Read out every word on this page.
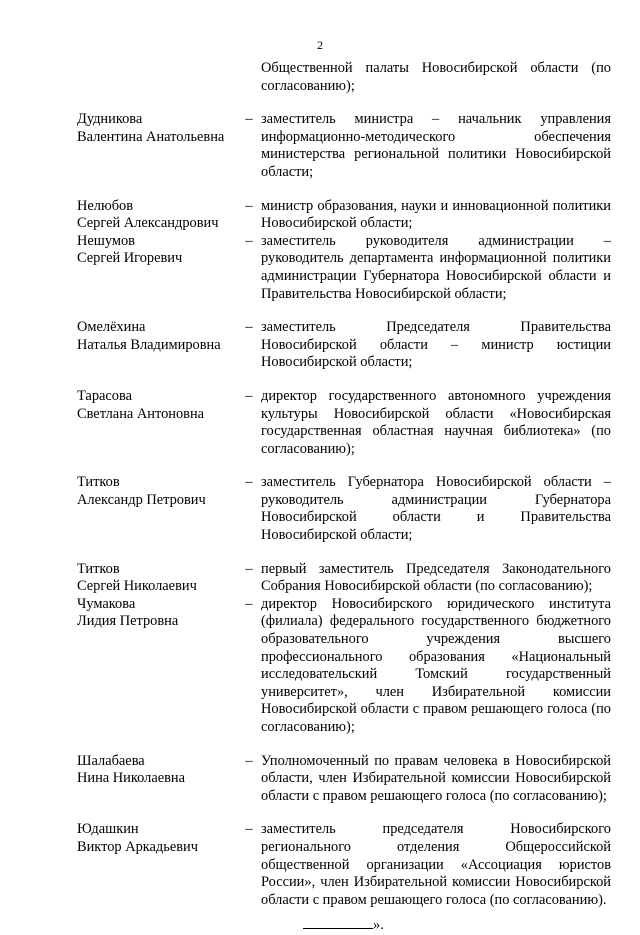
2
Общественной палаты Новосибирской области (по согласованию);
Дудникова
Валентина Анатольевна
– заместитель министра – начальник управления информационно-методического обеспечения министерства региональной политики Новосибирской области;
Нелюбов
Сергей Александрович
– министр образования, науки и инновационной политики Новосибирской области;
Нешумов
Сергей Игоревич
– заместитель руководителя администрации – руководитель департамента информационной политики администрации Губернатора Новосибирской области и Правительства Новосибирской области;
Омелёхина
Наталья Владимировна
– заместитель Председателя Правительства Новосибирской области – министр юстиции Новосибирской области;
Тарасова
Светлана Антоновна
– директор государственного автономного учреждения культуры Новосибирской области «Новосибирская государственная областная научная библиотека» (по согласованию);
Титков
Александр Петрович
– заместитель Губернатора Новосибирской области – руководитель администрации Губернатора Новосибирской области и Правительства Новосибирской области;
Титков
Сергей Николаевич
– первый заместитель Председателя Законодательного Собрания Новосибирской области (по согласованию);
Чумакова
Лидия Петровна
– директор Новосибирского юридического института (филиала) федерального государственного бюджетного образовательного учреждения высшего профессионального образования «Национальный исследовательский Томский государственный университет», член Избирательной комиссии Новосибирской области с правом решающего голоса (по согласованию);
Шалабаева
Нина Николаевна
– Уполномоченный по правам человека в Новосибирской области, член Избирательной комиссии Новосибирской области с правом решающего голоса (по согласованию);
Юдашкин
Виктор Аркадьевич
– заместитель председателя Новосибирского регионального отделения Общероссийской общественной организации «Ассоциация юристов России», член Избирательной комиссии Новосибирской области с правом решающего голоса (по согласованию).
».
